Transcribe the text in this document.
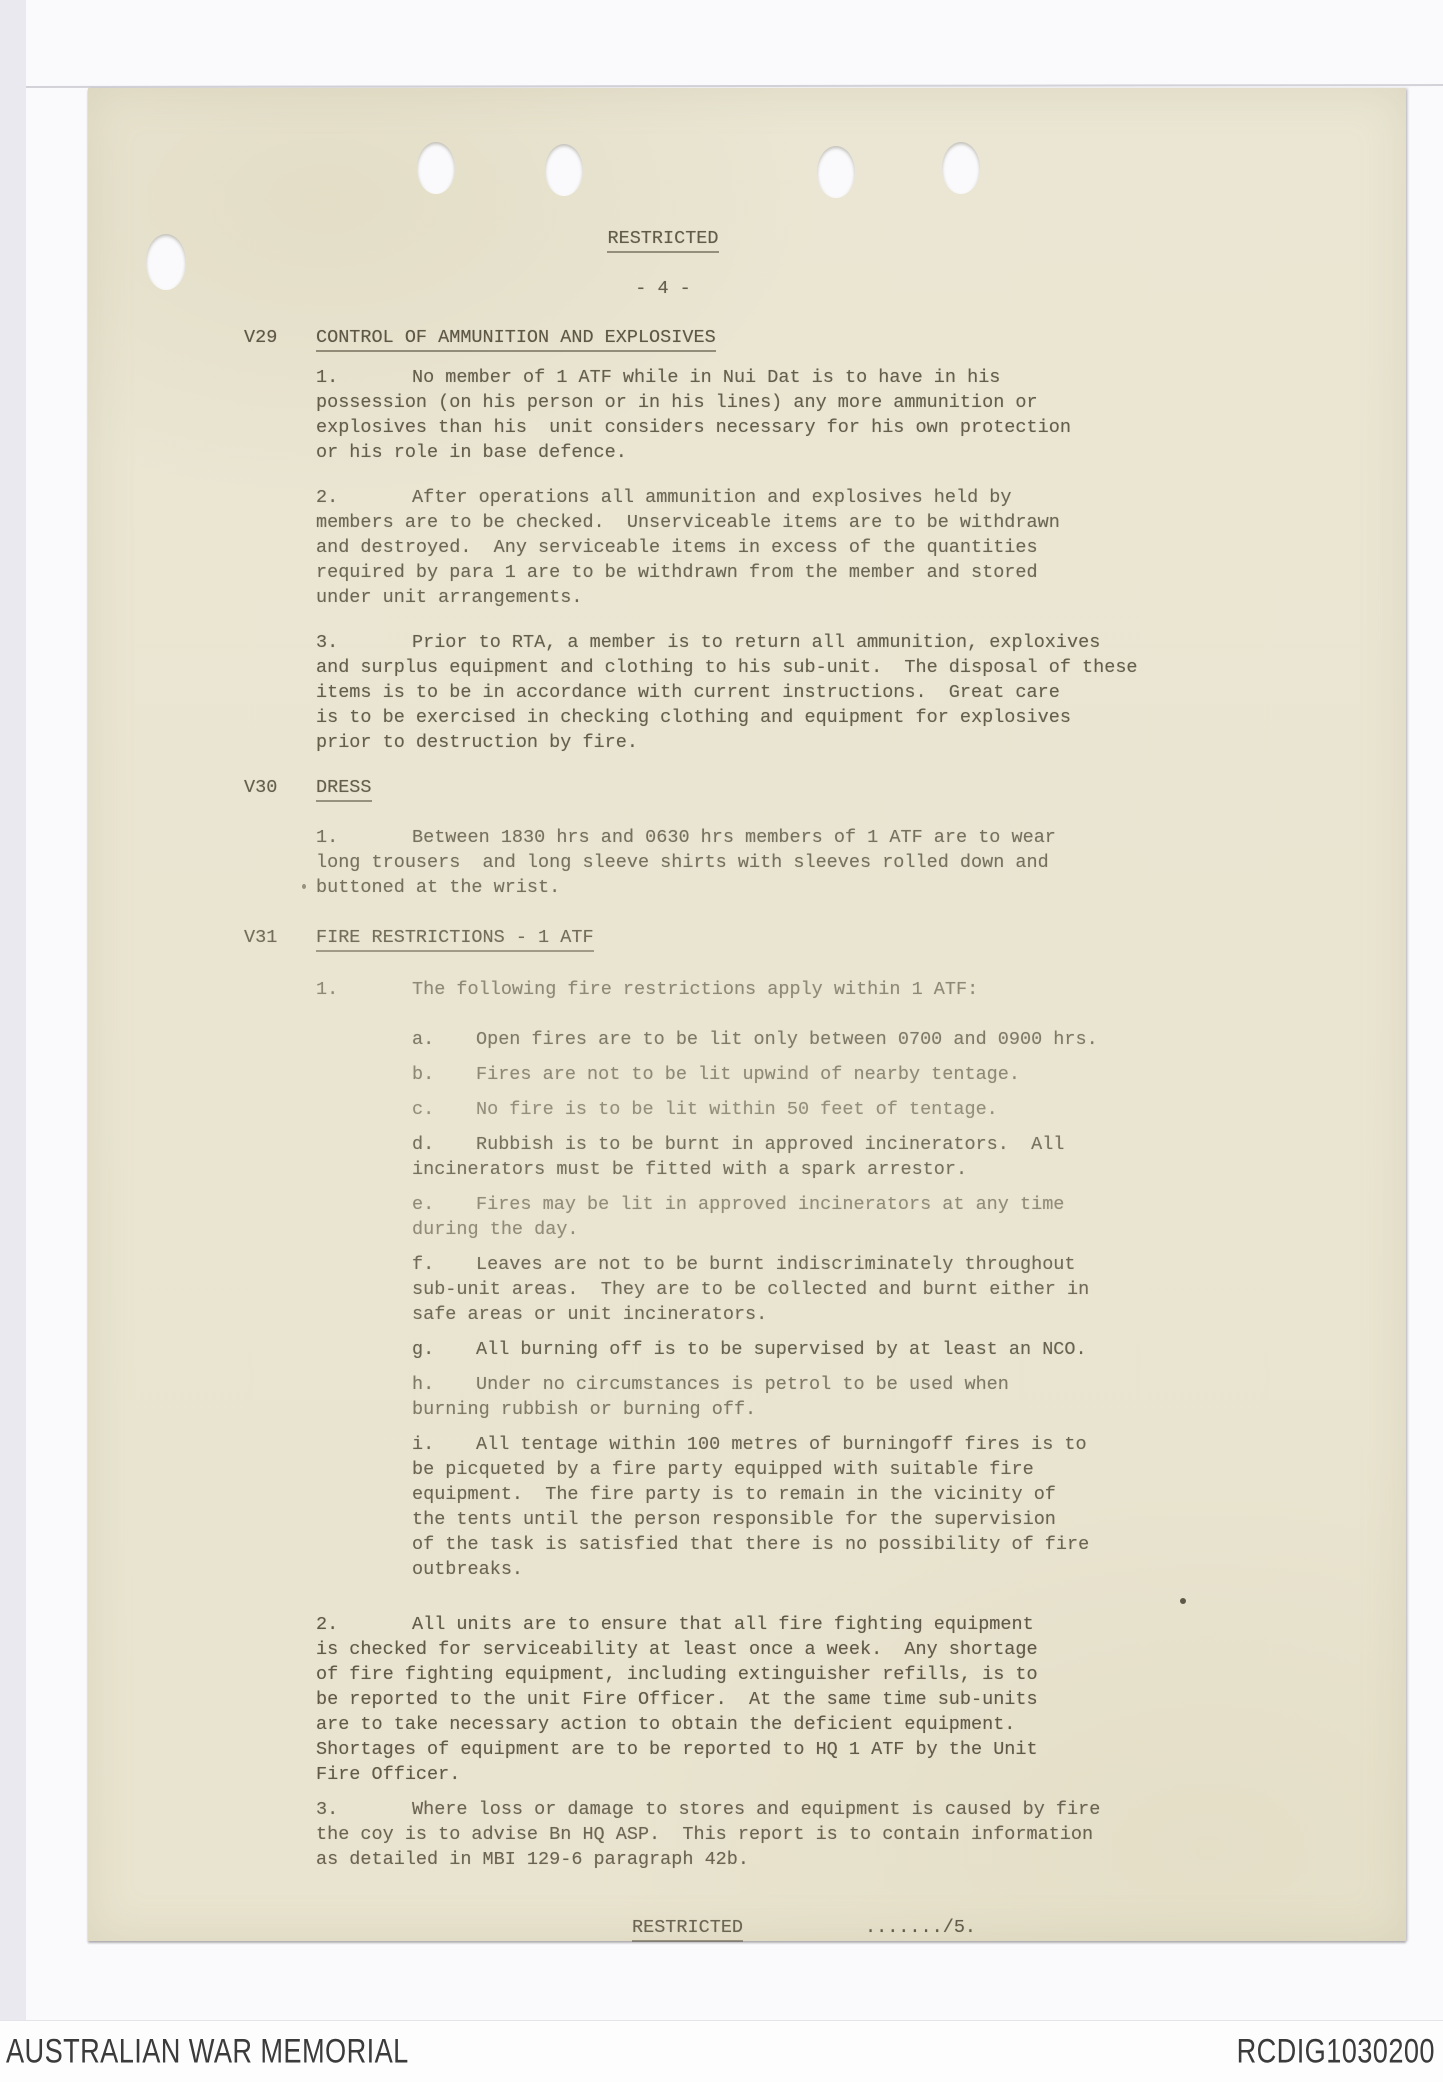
RESTRICTED
- 4 -
V29 CONTROL OF AMMUNITION AND EXPLOSIVES
1.	No member of 1 ATF while in Nui Dat is to have in his
possession (on his person or in his lines) any more ammunition or
explosives than his  unit considers necessary for his own protection
or his role in base defence.
2.	After operations all ammunition and explosives held by
members are to be checked.  Unserviceable items are to be withdrawn
and destroyed.  Any serviceable items in excess of the quantities
required by para 1 are to be withdrawn from the member and stored
under unit arrangements.
3.	Prior to RTA, a member is to return all ammunition, exploxives
and surplus equipment and clothing to his sub-unit.  The disposal of these
items is to be in accordance with current instructions.  Great care
is to be exercised in checking clothing and equipment for explosives
prior to destruction by fire.
V30 DRESS
1.	Between 1830 hrs and 0630 hrs members of 1 ATF are to wear
long trousers  and long sleeve shirts with sleeves rolled down and
buttoned at the wrist.
V31 FIRE RESTRICTIONS - 1 ATF
1.	The following fire restrictions apply within 1 ATF:
a. Open fires are to be lit only between 0700 and 0900 hrs.
b. Fires are not to be lit upwind of nearby tentage.
c. No fire is to be lit within 50 feet of tentage.
d. Rubbish is to be burnt in approved incinerators.  All
incinerators must be fitted with a spark arrestor.
e. Fires may be lit in approved incinerators at any time
during the day.
f. Leaves are not to be burnt indiscriminately throughout
sub-unit areas.  They are to be collected and burnt either in
safe areas or unit incinerators.
g. All burning off is to be supervised by at least an NCO.
h. Under no circumstances is petrol to be used when
burning rubbish or burning off.
i. All tentage within 100 metres of burningoff fires is to
be picqueted by a fire party equipped with suitable fire
equipment.  The fire party is to remain in the vicinity of
the tents until the person responsible for the supervision
of the task is satisfied that there is no possibility of fire
outbreaks.
2.	All units are to ensure that all fire fighting equipment
is checked for serviceability at least once a week.  Any shortage
of fire fighting equipment, including extinguisher refills, is to
be reported to the unit Fire Officer.  At the same time sub-units
are to take necessary action to obtain the deficient equipment.
Shortages of equipment are to be reported to HQ 1 ATF by the Unit
Fire Officer.
3.	Where loss or damage to stores and equipment is caused by fire
the coy is to advise Bn HQ ASP.  This report is to contain information
as detailed in MBI 129-6 paragraph 42b.
RESTRICTED	......./5.
AUSTRALIAN WAR MEMORIAL	RCDIG1030200
